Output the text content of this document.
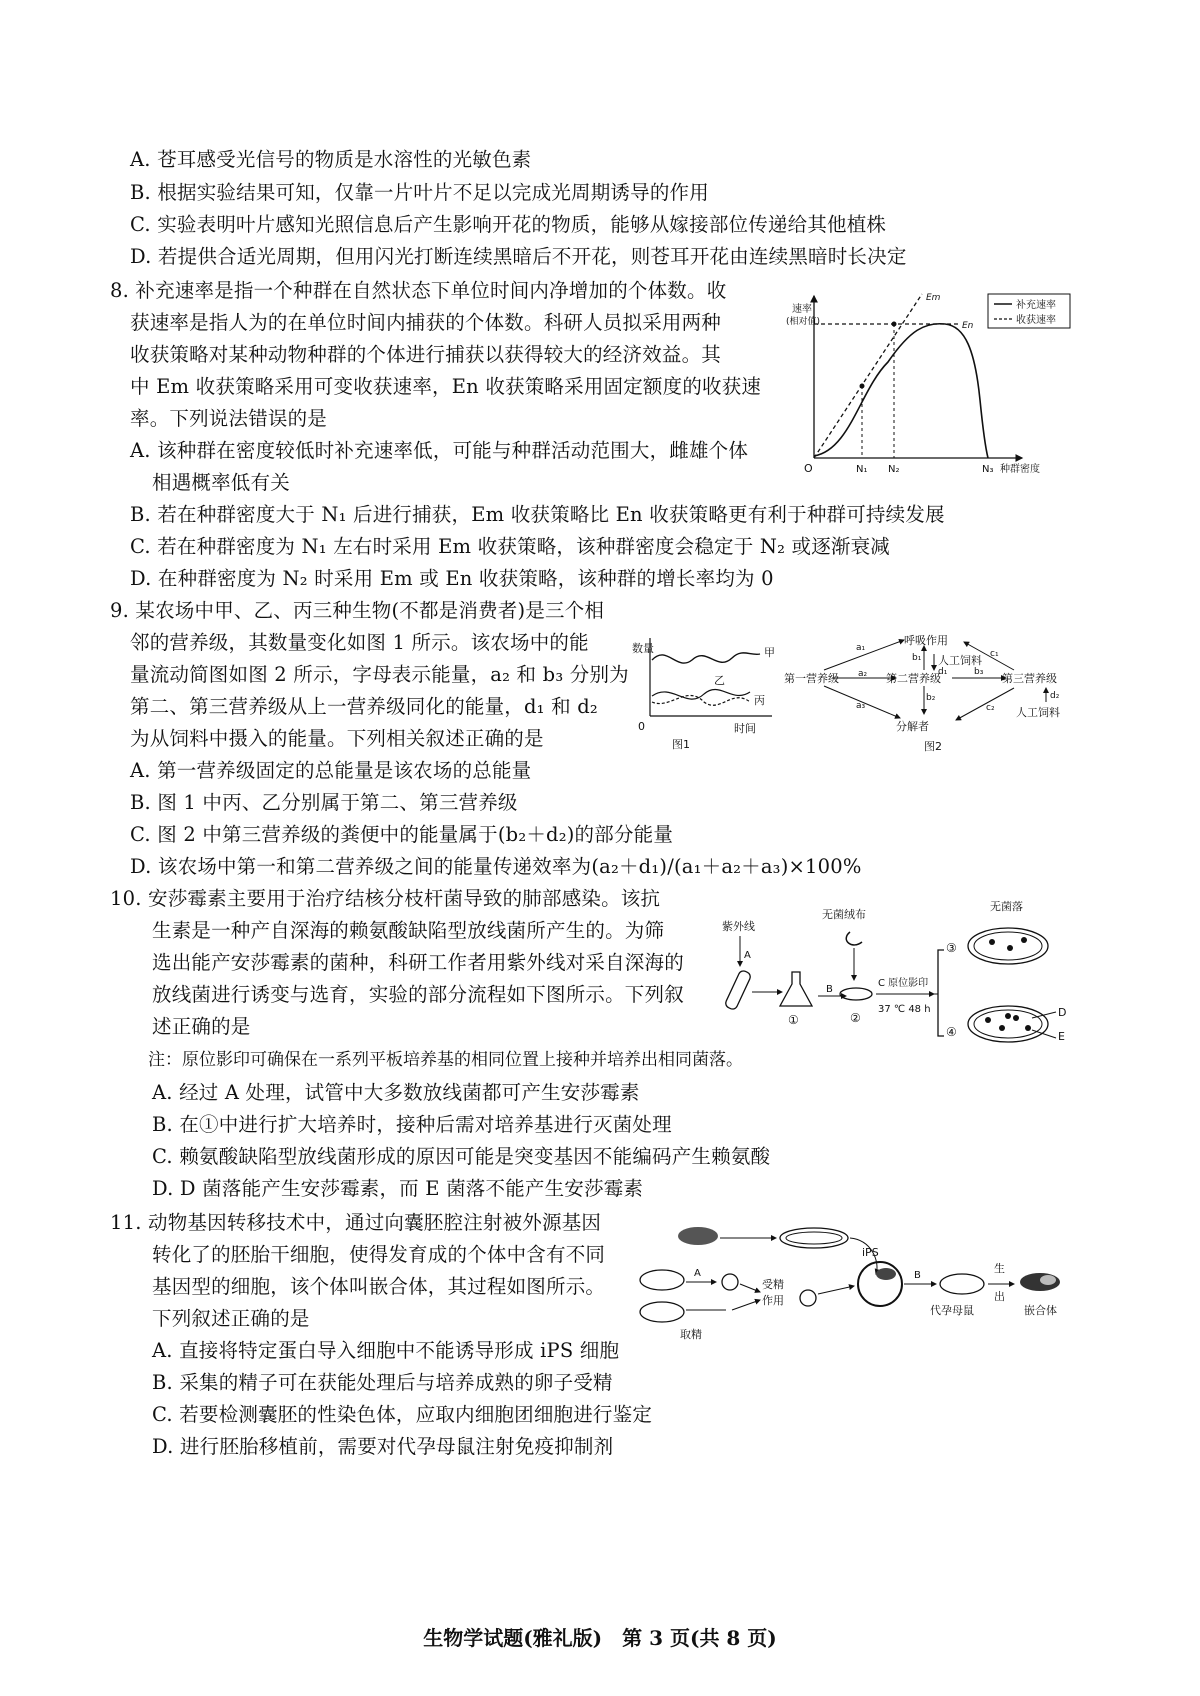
A. 苍耳感受光信号的物质是水溶性的光敏色素
B. 根据实验结果可知，仅靠一片叶片不足以完成光周期诱导的作用
C. 实验表明叶片感知光照信息后产生影响开花的物质，能够从嫁接部位传递给其他植株
D. 若提供合适光周期，但用闪光打断连续黑暗后不开花，则苍耳开花由连续黑暗时长决定
8. 补充速率是指一个种群在自然状态下单位时间内净增加的个体数。收
获速率是指人为的在单位时间内捕获的个体数。科研人员拟采用两种
收获策略对某种动物种群的个体进行捕获以获得较大的经济效益。其
中 Em 收获策略采用可变收获速率，En 收获策略采用固定额度的收获速
率。下列说法错误的是
A. 该种群在密度较低时补充速率低，可能与种群活动范围大，雌雄个体
相遇概率低有关
B. 若在种群密度大于 N₁ 后进行捕获，Em 收获策略比 En 收获策略更有利于种群可持续发展
C. 若在种群密度为 N₁ 左右时采用 Em 收获策略，该种群密度会稳定于 N₂ 或逐渐衰减
D. 在种群密度为 N₂ 时采用 Em 或 En 收获策略，该种群的增长率均为 0
速率
(相对值)
O	N₁ N₂	N₃ 种群密度
Em
En
补充速率
收获速率
9. 某农场中甲、乙、丙三种生物(不都是消费者)是三个相
邻的营养级，其数量变化如图 1 所示。该农场中的能
量流动简图如图 2 所示，字母表示能量，a₂ 和 b₃ 分别为
第二、第三营养级从上一营养级同化的能量，d₁ 和 d₂
为从饲料中摄入的能量。下列相关叙述正确的是
A. 第一营养级固定的总能量是该农场的总能量
B. 图 1 中丙、乙分别属于第二、第三营养级
C. 图 2 中第三营养级的粪便中的能量属于(b₂＋d₂)的部分能量
D. 该农场中第一和第二营养级之间的能量传递效率为(a₂＋d₁)/(a₁＋a₂＋a₃)×100%
数量
0	时间
甲
乙
丙
图1
呼吸作用
人工饲料
第一营养级	第二营养级	第三营养级
分解者
人工饲料
a₁
a₂
a₃
b₁
b₂
b₃
c₁
c₂
d₁
d₂
图2
10. 安莎霉素主要用于治疗结核分枝杆菌导致的肺部感染。该抗
生素是一种产自深海的赖氨酸缺陷型放线菌所产生的。为筛
选出能产安莎霉素的菌种，科研工作者用紫外线对采自深海的
放线菌进行诱变与选育，实验的部分流程如下图所示。下列叙
述正确的是
注：原位影印可确保在一系列平板培养基的相同位置上接种并培养出相同菌落。
A. 经过 A 处理，试管中大多数放线菌都可产生安莎霉素
B. 在①中进行扩大培养时，接种后需对培养基进行灭菌处理
C. 赖氨酸缺陷型放线菌形成的原因可能是突变基因不能编码产生赖氨酸
D. D 菌落能产生安莎霉素，而 E 菌落不能产生安莎霉素
紫外线
A
①
B
无菌绒布
②
C 原位影印
37 ℃ 48 h
③
无菌落
④
D
E
11. 动物基因转移技术中，通过向囊胚腔注射被外源基因
转化了的胚胎干细胞，使得发育成的个体中含有不同
基因型的细胞，该个体叫嵌合体，其过程如图所示。
下列叙述正确的是
A. 直接将特定蛋白导入细胞中不能诱导形成 iPS 细胞
B. 采集的精子可在获能处理后与培养成熟的卵子受精
C. 若要检测囊胚的性染色体，应取内细胞团细胞进行鉴定
D. 进行胚胎移植前，需要对代孕母鼠注射免疫抑制剂
iPS
A
取精
受精
作用
B
代孕母鼠
生
出
嵌合体
生物学试题(雅礼版)　第 3 页(共 8 页)
